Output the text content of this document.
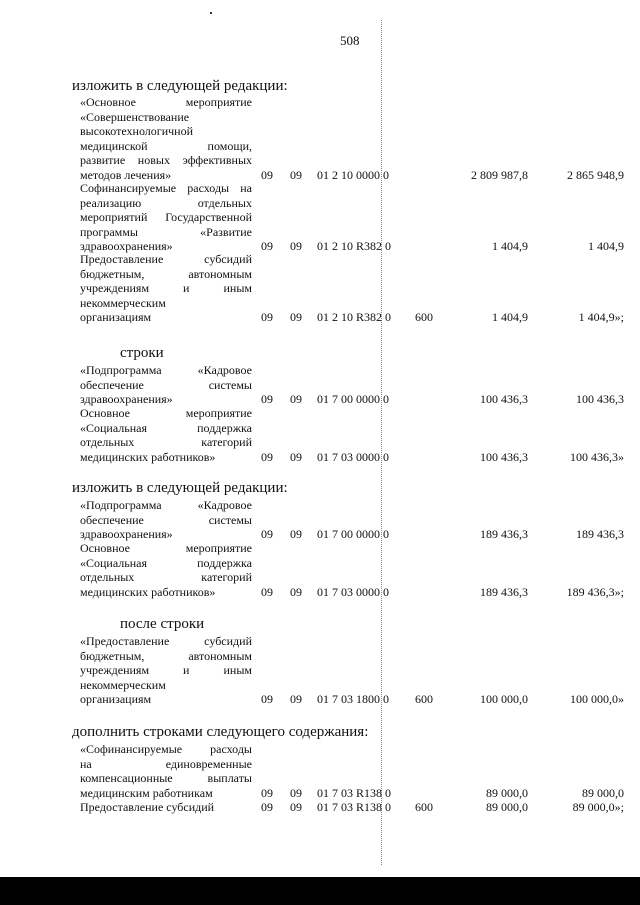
508
изложить в следующей редакции:
«Основное мероприятие
«Совершенствование
высокотехнологичной
медицинской помощи,
развитие новых эффективных
методов лечения»	09 09 01 2 10 0000 0	2 809 987,8	2 865 948,9
Софинансируемые расходы на
реализацию отдельных
мероприятий Государственной
программы «Развитие
здравоохранения»	09 09 01 2 10 R382 0	1 404,9	1 404,9
Предоставление субсидий
бюджетным, автономным
учреждениям и иным
некоммерческим
организациям	09 09 01 2 10 R382 0 600	1 404,9	1 404,9»;
строки
«Подпрограмма «Кадровое
обеспечение системы
здравоохранения»	09 09 01 7 00 0000 0	100 436,3	100 436,3
Основное мероприятие
«Социальная поддержка
отдельных категорий
медицинских работников»	09 09 01 7 03 0000 0	100 436,3	100 436,3»
изложить в следующей редакции:
«Подпрограмма «Кадровое
обеспечение системы
здравоохранения»	09 09 01 7 00 0000 0	189 436,3	189 436,3
Основное мероприятие
«Социальная поддержка
отдельных категорий
медицинских работников»	09 09 01 7 03 0000 0	189 436,3	189 436,3»;
после строки
«Предоставление субсидий
бюджетным, автономным
учреждениям и иным
некоммерческим
организациям	09 09 01 7 03 1800 0 600	100 000,0	100 000,0»
дополнить строками следующего содержания:
«Софинансируемые расходы
на единовременные
компенсационные выплаты
медицинским работникам	09 09 01 7 03 R138 0	89 000,0	89 000,0
Предоставление субсидий	09 09 01 7 03 R138 0 600	89 000,0	89 000,0»;
